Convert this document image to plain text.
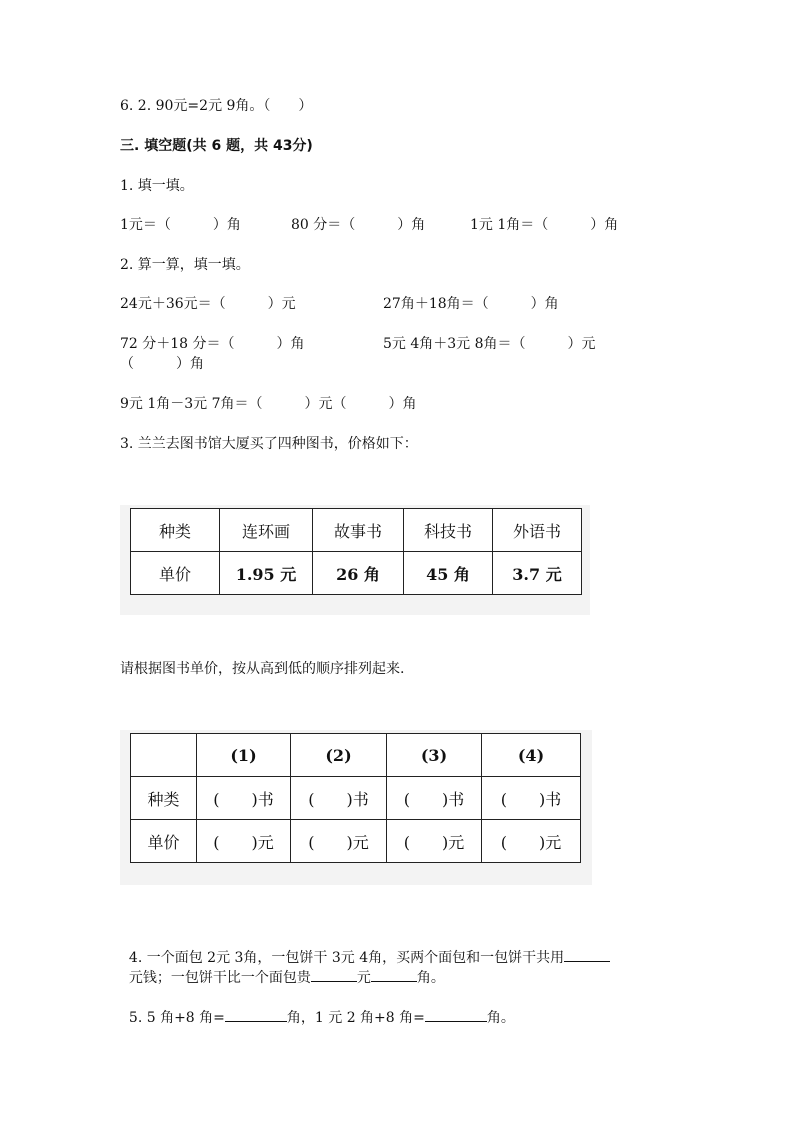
6. 2. 90元=2元 9角。（　　）
三. 填空题(共 6 题，共 43分)
1. 填一填。
1元＝（　　　）角	80 分＝（　　　）角	1元 1角＝（　　　）角
2. 算一算，填一填。
24元＋36元＝（　　　）元	27角＋18角＝（　　　）角
72 分＋18 分＝（　　　）角	5元 4角＋3元 8角＝（　　　）元
（　　　）角
9元 1角－3元 7角＝（　　　）元（　　　）角
3. 兰兰去图书馆大厦买了四种图书，价格如下：
种类	连环画	故事书	科技书	外语书
单价	1.95 元	26 角	45 角	3.7 元
请根据图书单价，按从高到低的顺序排列起来.
	(1)	(2)	(3)	(4)
种类	(　　)书	(　　)书	(　　)书	(　　)书
单价	(　　)元	(　　)元	(　　)元	(　　)元

4. 一个面包 2元 3角，一包饼干 3元 4角，买两个面包和一包饼干共用

元钱；一包饼干比一个面包贵	元	角。

5. 5 角+8 角=	角，1 元 2 角+8 角=	角。
